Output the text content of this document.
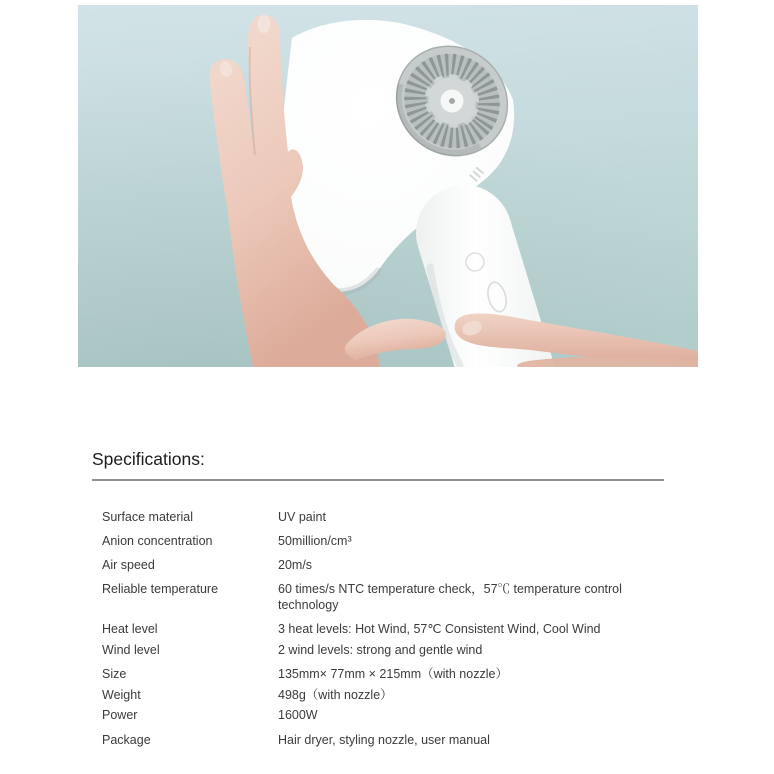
Specifications:
Surface material	UV paint
Anion concentration	50million/cm³
Air speed	20m/s
Reliable temperature	60 times/s NTC temperature check，57℃ temperature control technology
Heat level	3 heat levels: Hot Wind, 57℃ Consistent Wind, Cool Wind
Wind level	2 wind levels: strong and gentle wind
Size	135mm× 77mm × 215mm（with nozzle）
Weight	498g（with nozzle）
Power	1600W
Package	Hair dryer, styling nozzle, user manual
